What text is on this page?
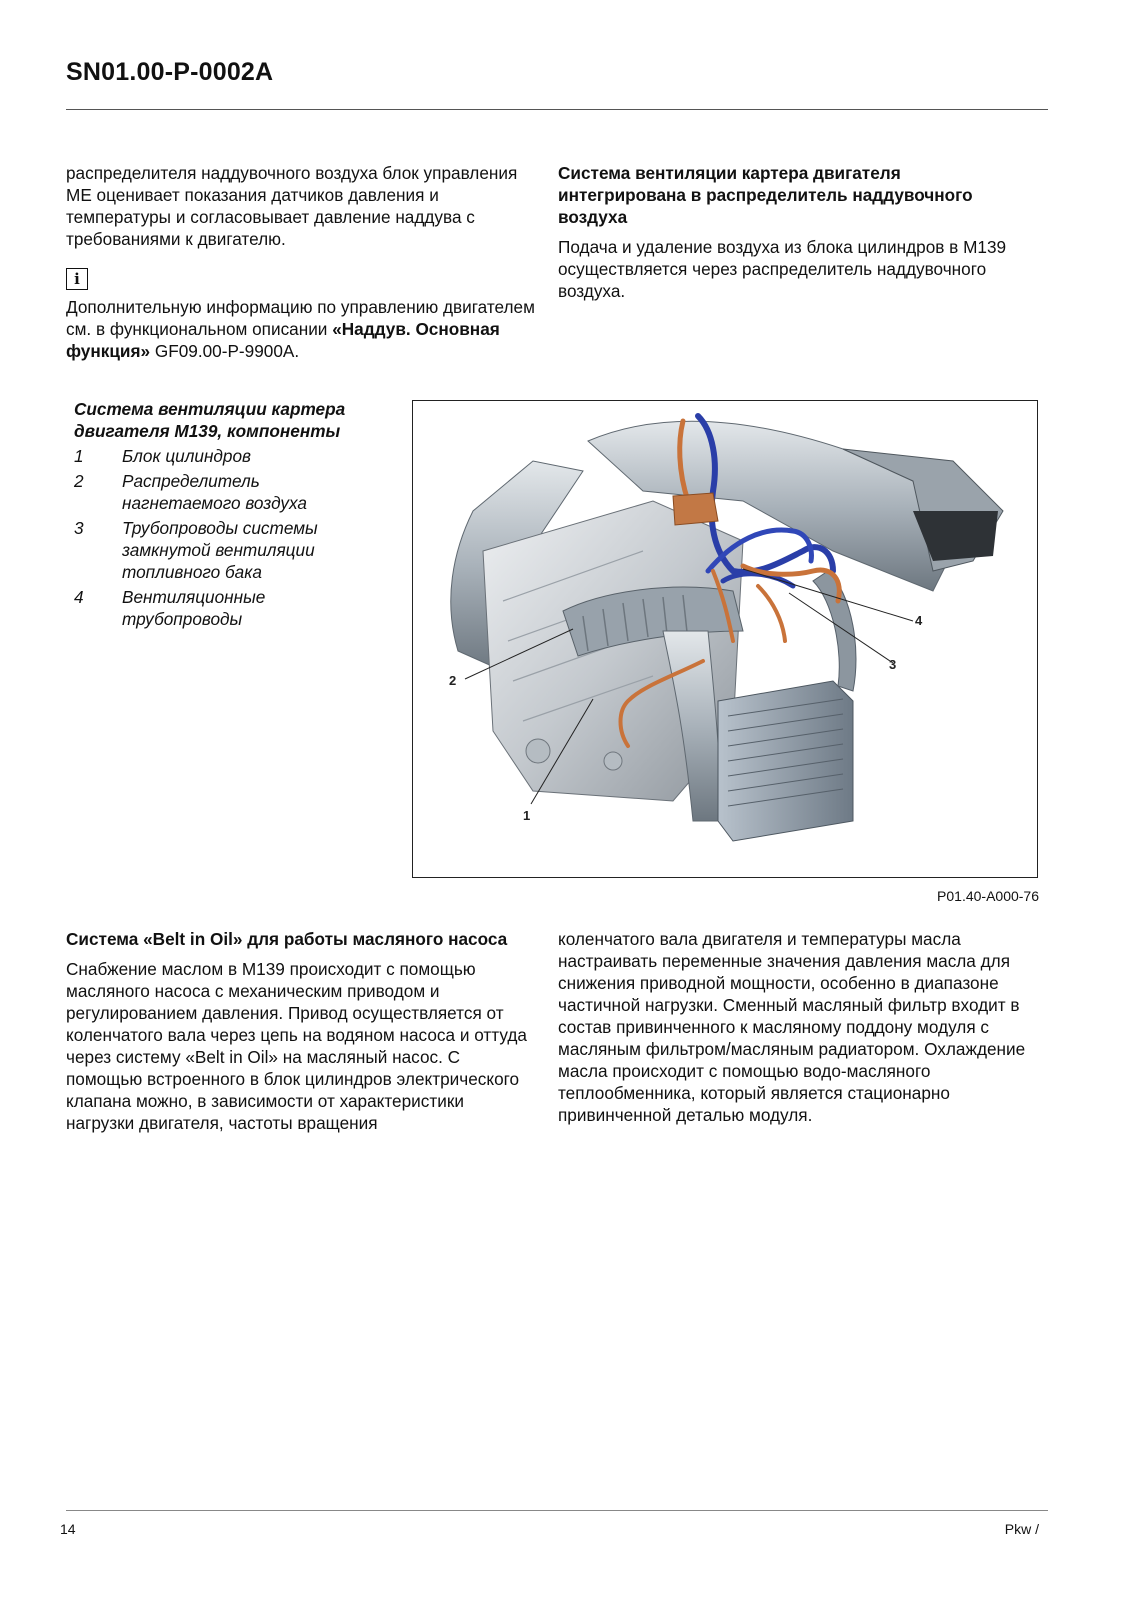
SN01.00-P-0002A

распределителя наддувочного воздуха блок управления ME оценивает показания датчиков давления и температуры и согласовывает давление наддува с требованиями к двигателю.

i

Дополнительную информацию по управлению двигателем см. в функциональном описании «Наддув. Основная функция» GF09.00-P-9900A.

Система вентиляции картера двигателя интегрирована в распределитель наддувочного воздуха

Подача и удаление воздуха из блока цилиндров в M139 осуществляется через распределитель наддувочного воздуха.

Система вентиляции картера двигателя M139, компоненты
1	Блок цилиндров
2	Распределитель нагнетаемого воздуха
3	Трубопроводы системы замкнутой вентиляции топливного бака
4	Вентиляционные трубопроводы
2
1
3
4
P01.40-A000-76
Система «Belt in Oil» для работы масляного насоса

Снабжение маслом в M139 происходит с помощью масляного насоса с механическим приводом и регулированием давления. Привод осуществляется от коленчатого вала через цепь на водяном насоса и оттуда через систему «Belt in Oil» на масляный насос. С помощью встроенного в блок цилиндров электрического клапана можно, в зависимости от характеристики нагрузки двигателя, частоты вращения

коленчатого вала двигателя и температуры масла настраивать переменные значения давления масла для снижения приводной мощности, особенно в диапазоне частичной нагрузки. Сменный масляный фильтр входит в состав привинченного к масляному поддону модуля с масляным фильтром/масляным радиатором. Охлаждение масла происходит с помощью водо-масляного теплообменника, который является стационарно привинченной деталью модуля.

14	Pkw /
